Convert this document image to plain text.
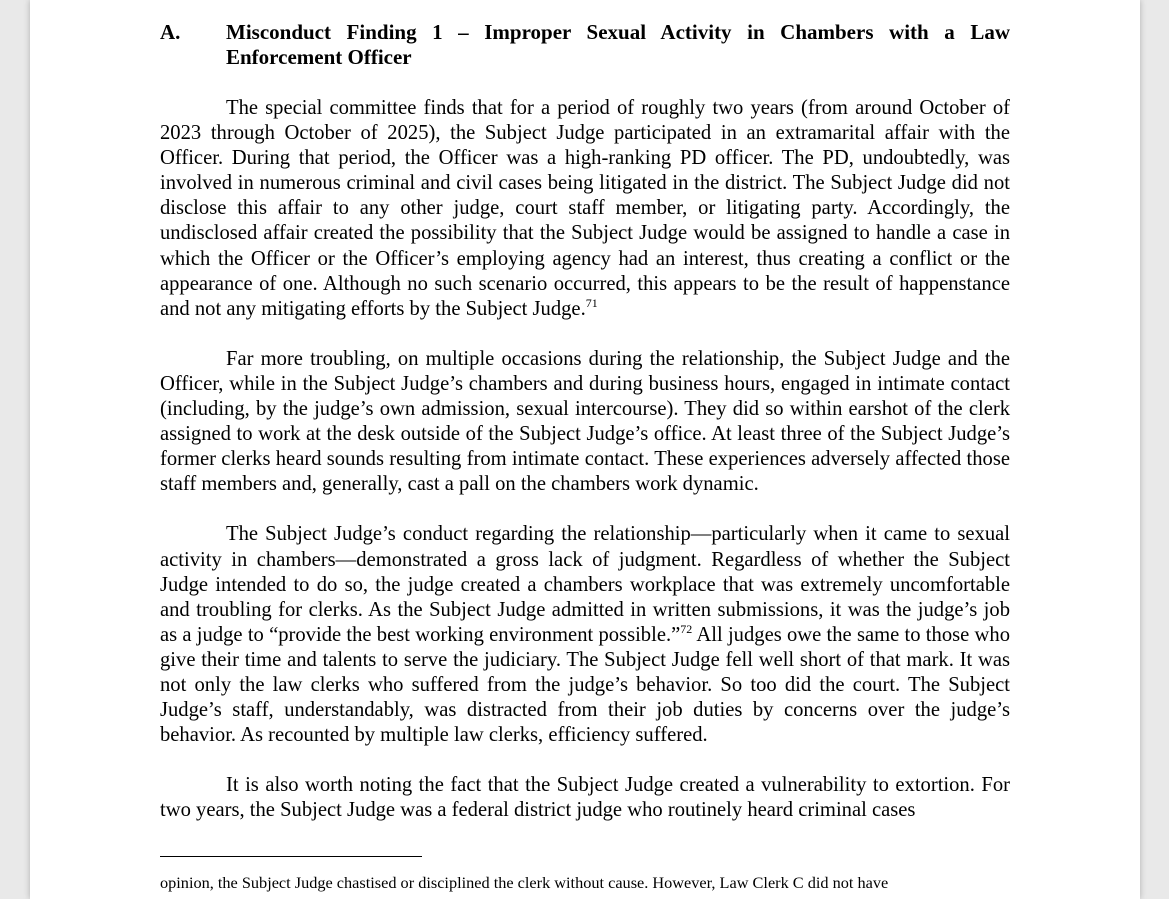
A.	Misconduct Finding 1 – Improper Sexual Activity in Chambers with a Law Enforcement Officer

The special committee finds that for a period of roughly two years (from around October of 2023 through October of 2025), the Subject Judge participated in an extramarital affair with the Officer. During that period, the Officer was a high-ranking PD officer. The PD, undoubtedly, was involved in numerous criminal and civil cases being litigated in the district. The Subject Judge did not disclose this affair to any other judge, court staff member, or litigating party. Accordingly, the undisclosed affair created the possibility that the Subject Judge would be assigned to handle a case in which the Officer or the Officer’s employing agency had an interest, thus creating a conflict or the appearance of one. Although no such scenario occurred, this appears to be the result of happenstance and not any mitigating efforts by the Subject Judge.$^{71}$

Far more troubling, on multiple occasions during the relationship, the Subject Judge and the Officer, while in the Subject Judge’s chambers and during business hours, engaged in intimate contact (including, by the judge’s own admission, sexual intercourse). They did so within earshot of the clerk assigned to work at the desk outside of the Subject Judge’s office. At least three of the Subject Judge’s former clerks heard sounds resulting from intimate contact. These experiences adversely affected those staff members and, generally, cast a pall on the chambers work dynamic.

The Subject Judge’s conduct regarding the relationship—particularly when it came to sexual activity in chambers—demonstrated a gross lack of judgment. Regardless of whether the Subject Judge intended to do so, the judge created a chambers workplace that was extremely uncomfortable and troubling for clerks. As the Subject Judge admitted in written submissions, it was the judge’s job as a judge to “provide the best working environment possible.”$^{72}$ All judges owe the same to those who give their time and talents to serve the judiciary. The Subject Judge fell well short of that mark. It was not only the law clerks who suffered from the judge’s behavior. So too did the court. The Subject Judge’s staff, understandably, was distracted from their job duties by concerns over the judge’s behavior. As recounted by multiple law clerks, efficiency suffered.

It is also worth noting the fact that the Subject Judge created a vulnerability to extortion. For two years, the Subject Judge was a federal district judge who routinely heard criminal cases

opinion, the Subject Judge chastised or disciplined the clerk without cause. However, Law Clerk C did not have
